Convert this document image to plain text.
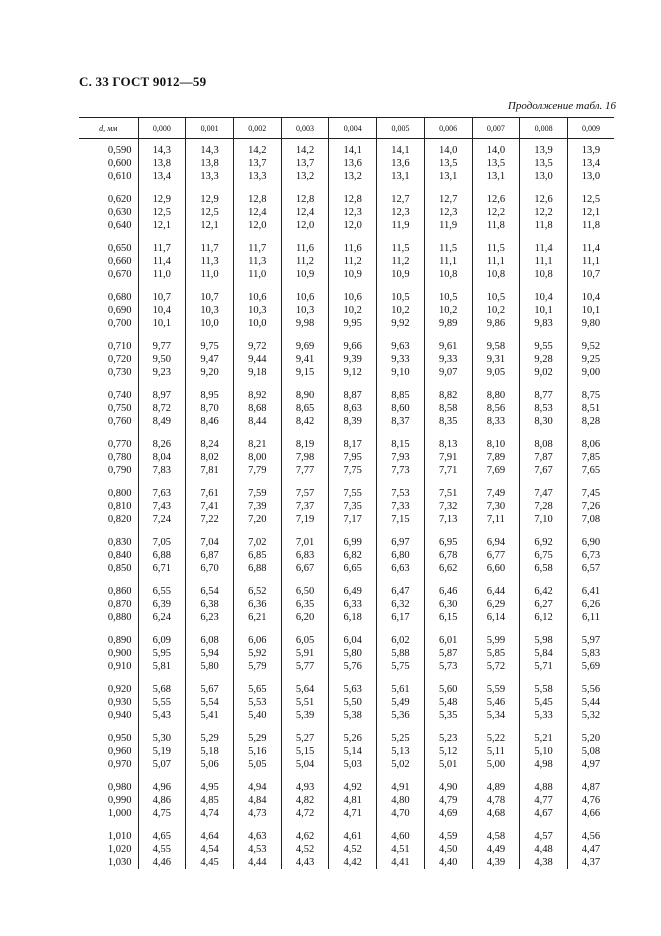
С. 33 ГОСТ 9012—59
Продолжение табл. 16
d, мм	0,000	0,001	0,002	0,003	0,004	0,005	0,006	0,007	0,008	0,009
0,590	14,3	14,3	14,2	14,2	14,1	14,1	14,0	14,0	13,9	13,9
0,600	13,8	13,8	13,7	13,7	13,6	13,6	13,5	13,5	13,5	13,4
0,610	13,4	13,3	13,3	13,2	13,2	13,1	13,1	13,1	13,0	13,0
0,620	12,9	12,9	12,8	12,8	12,8	12,7	12,7	12,6	12,6	12,5
0,630	12,5	12,5	12,4	12,4	12,3	12,3	12,3	12,2	12,2	12,1
0,640	12,1	12,1	12,0	12,0	12,0	11,9	11,9	11,8	11,8	11,8
0,650	11,7	11,7	11,7	11,6	11,6	11,5	11,5	11,5	11,4	11,4
0,660	11,4	11,3	11,3	11,2	11,2	11,2	11,1	11,1	11,1	11,1
0,670	11,0	11,0	11,0	10,9	10,9	10,9	10,8	10,8	10,8	10,7
0,680	10,7	10,7	10,6	10,6	10,6	10,5	10,5	10,5	10,4	10,4
0,690	10,4	10,3	10,3	10,3	10,2	10,2	10,2	10,2	10,1	10,1
0,700	10,1	10,0	10,0	9,98	9,95	9,92	9,89	9,86	9,83	9,80
0,710	9,77	9,75	9,72	9,69	9,66	9,63	9,61	9,58	9,55	9,52
0,720	9,50	9,47	9,44	9,41	9,39	9,33	9,33	9,31	9,28	9,25
0,730	9,23	9,20	9,18	9,15	9,12	9,10	9,07	9,05	9,02	9,00
0,740	8,97	8,95	8,92	8,90	8,87	8,85	8,82	8,80	8,77	8,75
0,750	8,72	8,70	8,68	8,65	8,63	8,60	8,58	8,56	8,53	8,51
0,760	8,49	8,46	8,44	8,42	8,39	8,37	8,35	8,33	8,30	8,28
0,770	8,26	8,24	8,21	8,19	8,17	8,15	8,13	8,10	8,08	8,06
0,780	8,04	8,02	8,00	7,98	7,95	7,93	7,91	7,89	7,87	7,85
0,790	7,83	7,81	7,79	7,77	7,75	7,73	7,71	7,69	7,67	7,65
0,800	7,63	7,61	7,59	7,57	7,55	7,53	7,51	7,49	7,47	7,45
0,810	7,43	7,41	7,39	7,37	7,35	7,33	7,32	7,30	7,28	7,26
0,820	7,24	7,22	7,20	7,19	7,17	7,15	7,13	7,11	7,10	7,08
0,830	7,05	7,04	7,02	7,01	6,99	6,97	6,95	6,94	6,92	6,90
0,840	6,88	6,87	6,85	6,83	6,82	6,80	6,78	6,77	6,75	6,73
0,850	6,71	6,70	6,88	6,67	6,65	6,63	6,62	6,60	6,58	6,57
0,860	6,55	6,54	6,52	6,50	6,49	6,47	6,46	6,44	6,42	6,41
0,870	6,39	6,38	6,36	6,35	6,33	6,32	6,30	6,29	6,27	6,26
0,880	6,24	6,23	6,21	6,20	6,18	6,17	6,15	6,14	6,12	6,11
0,890	6,09	6,08	6,06	6,05	6,04	6,02	6,01	5,99	5,98	5,97
0,900	5,95	5,94	5,92	5,91	5,80	5,88	5,87	5,85	5,84	5,83
0,910	5,81	5,80	5,79	5,77	5,76	5,75	5,73	5,72	5,71	5,69
0,920	5,68	5,67	5,65	5,64	5,63	5,61	5,60	5,59	5,58	5,56
0,930	5,55	5,54	5,53	5,51	5,50	5,49	5,48	5,46	5,45	5,44
0,940	5,43	5,41	5,40	5,39	5,38	5,36	5,35	5,34	5,33	5,32
0,950	5,30	5,29	5,29	5,27	5,26	5,25	5,23	5,22	5,21	5,20
0,960	5,19	5,18	5,16	5,15	5,14	5,13	5,12	5,11	5,10	5,08
0,970	5,07	5,06	5,05	5,04	5,03	5,02	5,01	5,00	4,98	4,97
0,980	4,96	4,95	4,94	4,93	4,92	4,91	4,90	4,89	4,88	4,87
0,990	4,86	4,85	4,84	4,82	4,81	4,80	4,79	4,78	4,77	4,76
1,000	4,75	4,74	4,73	4,72	4,71	4,70	4,69	4,68	4,67	4,66
1,010	4,65	4,64	4,63	4,62	4,61	4,60	4,59	4,58	4,57	4,56
1,020	4,55	4,54	4,53	4,52	4,52	4,51	4,50	4,49	4,48	4,47
1,030	4,46	4,45	4,44	4,43	4,42	4,41	4,40	4,39	4,38	4,37
